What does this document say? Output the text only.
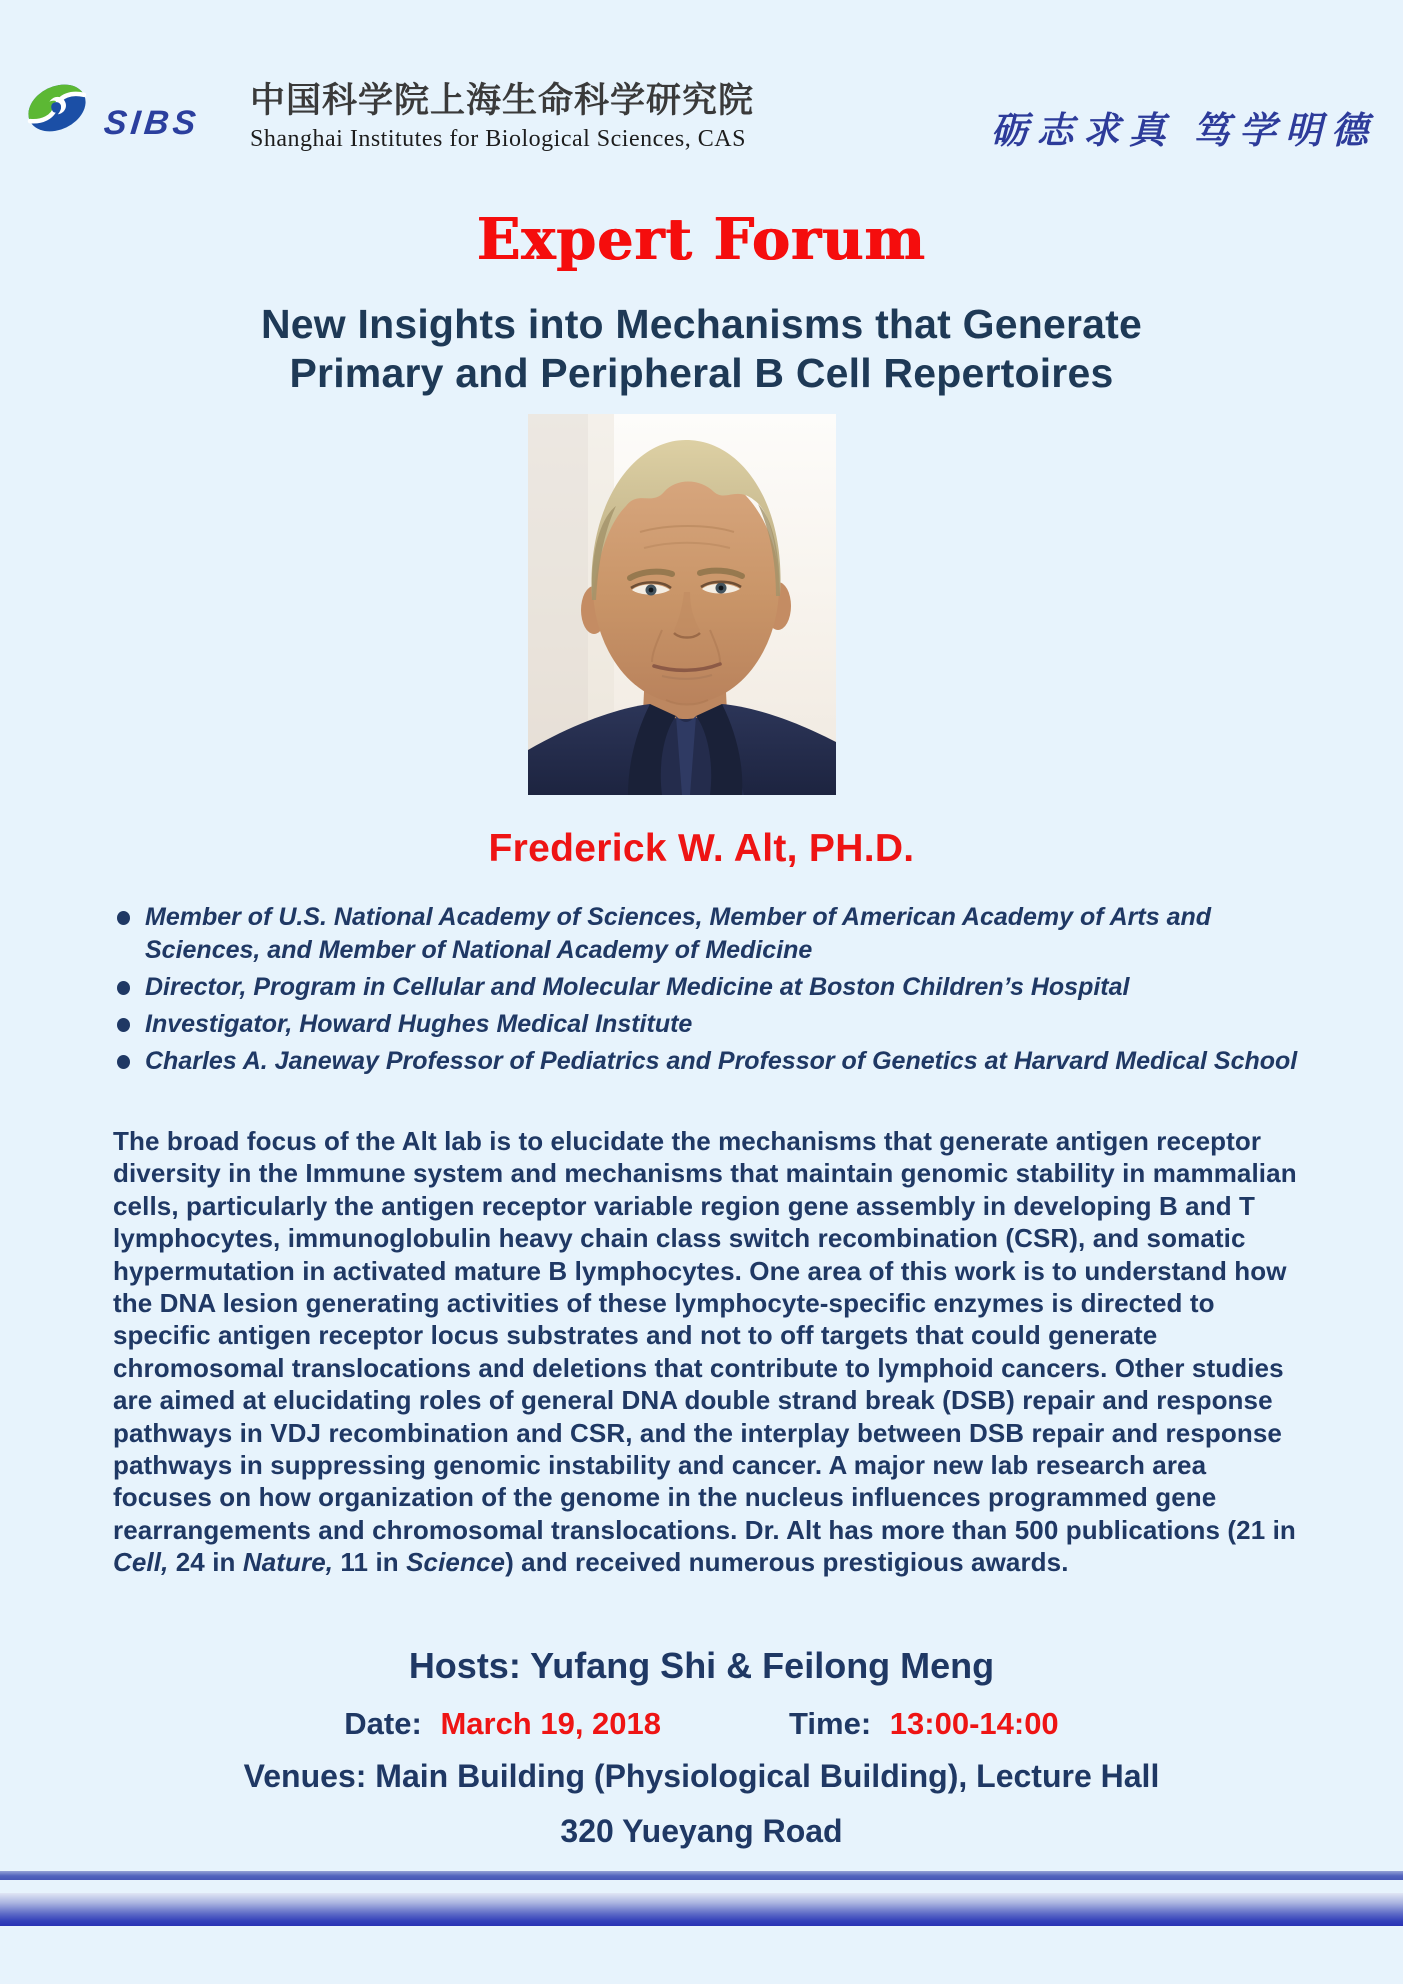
SIBS
中国科学院上海生命科学研究院
Shanghai Institutes for Biological Sciences, CAS	砺志求真 笃学明德
Expert Forum
New Insights into Mechanisms that Generate
Primary and Peripheral B Cell Repertoires
Frederick W. Alt, PH.D.
Member of U.S. National Academy of Sciences, Member of American Academy of Arts and Sciences, and Member of National Academy of Medicine
Director, Program in Cellular and Molecular Medicine at Boston Children’s Hospital
Investigator, Howard Hughes Medical Institute
Charles A. Janeway Professor of Pediatrics and Professor of Genetics at Harvard Medical School

The broad focus of the Alt lab is to elucidate the mechanisms that generate antigen receptor diversity in the Immune system and mechanisms that maintain genomic stability in mammalian cells, particularly the antigen receptor variable region gene assembly in developing B and T lymphocytes, immunoglobulin heavy chain class switch recombination (CSR), and somatic hypermutation in activated mature B lymphocytes. One area of this work is to understand how the DNA lesion generating activities of these lymphocyte-specific enzymes is directed to specific antigen receptor locus substrates and not to off targets that could generate chromosomal translocations and deletions that contribute to lymphoid cancers. Other studies are aimed at elucidating roles of general DNA double strand break (DSB) repair and response pathways in VDJ recombination and CSR, and the interplay between DSB repair and response pathways in suppressing genomic instability and cancer. A major new lab research area focuses on how organization of the genome in the nucleus influences programmed gene rearrangements and chromosomal translocations. Dr. Alt has more than 500 publications (21 in Cell, 24 in Nature, 11 in Science) and received numerous prestigious awards.

Hosts: Yufang Shi & Feilong Meng
Date: March 19, 2018	Time: 13:00-14:00
Venues: Main Building (Physiological Building), Lecture Hall
320 Yueyang Road
